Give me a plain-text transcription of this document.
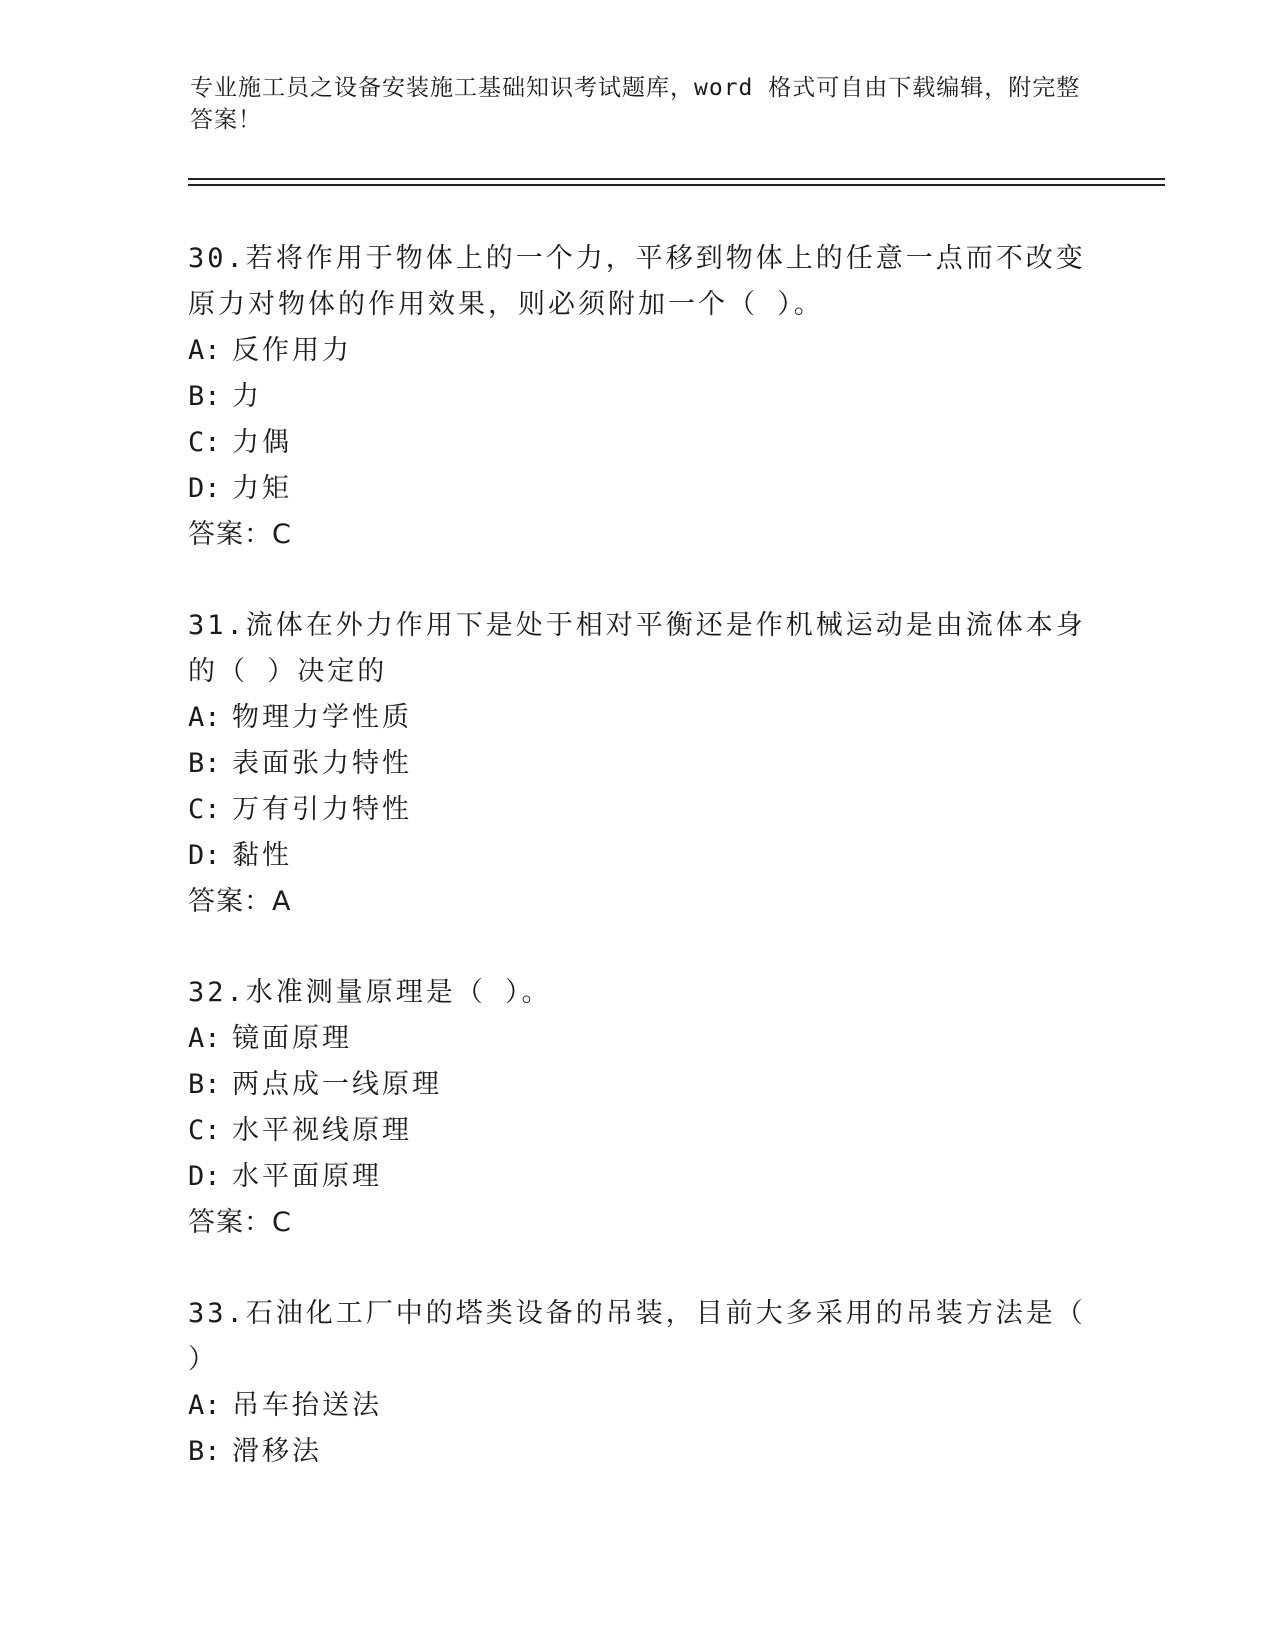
专业施工员之设备安装施工基础知识考试题库，word 格式可自由下载编辑，附完整答案！
30.若将作用于物体上的一个力，平移到物体上的任意一点而不改变原力对物体的作用效果，则必须附加一个（ ）。
A: 反作用力
B: 力
C: 力偶
D: 力矩
答案：C
31.流体在外力作用下是处于相对平衡还是作机械运动是由流体本身的（ ）决定的
A: 物理力学性质
B: 表面张力特性
C: 万有引力特性
D: 黏性
答案：A
32.水准测量原理是（ ）。
A: 镜面原理
B: 两点成一线原理
C: 水平视线原理
D: 水平面原理
答案：C
33.石油化工厂中的塔类设备的吊装，目前大多采用的吊装方法是（ ）
A: 吊车抬送法
B: 滑移法
